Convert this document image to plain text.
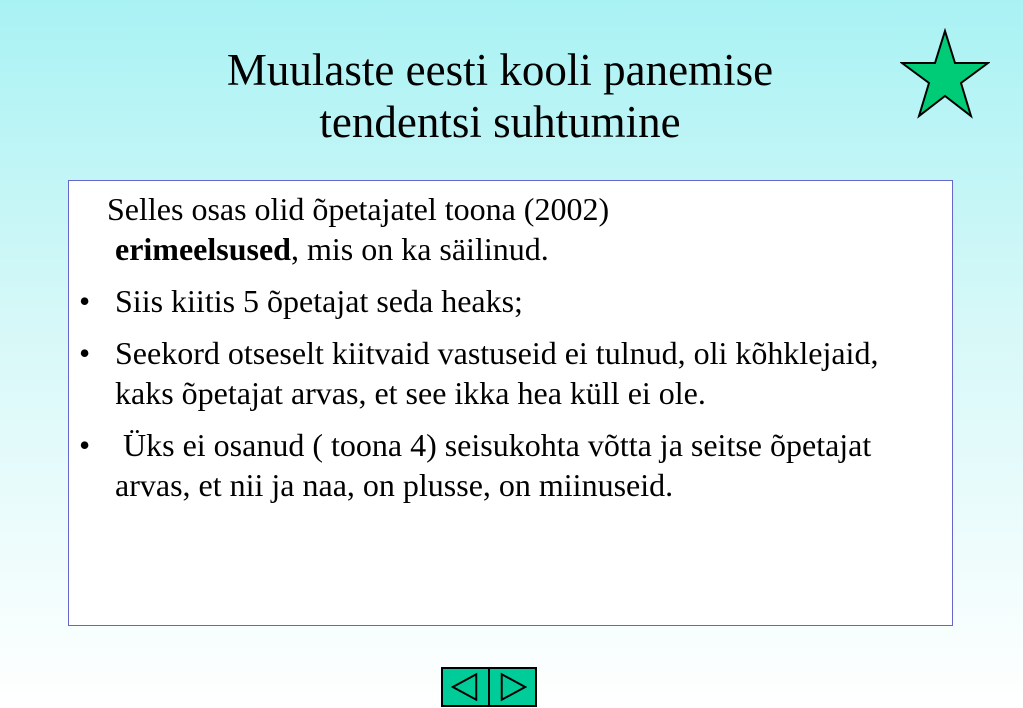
Muulaste eesti kooli panemise
tendentsi suhtumine

Selles osas olid õpetajatel toona (2002)
erimeelsused, mis on ka säilinud.

• Siis kiitis 5 õpetajat seda heaks;

• Seekord otseselt kiitvaid vastuseid ei tulnud, oli kõhklejaid, kaks õpetajat arvas, et see ikka hea küll ei ole.

• Üks ei osanud ( toona 4) seisukohta võtta ja seitse õpetajat arvas, et nii ja naa, on plusse, on miinuseid.
